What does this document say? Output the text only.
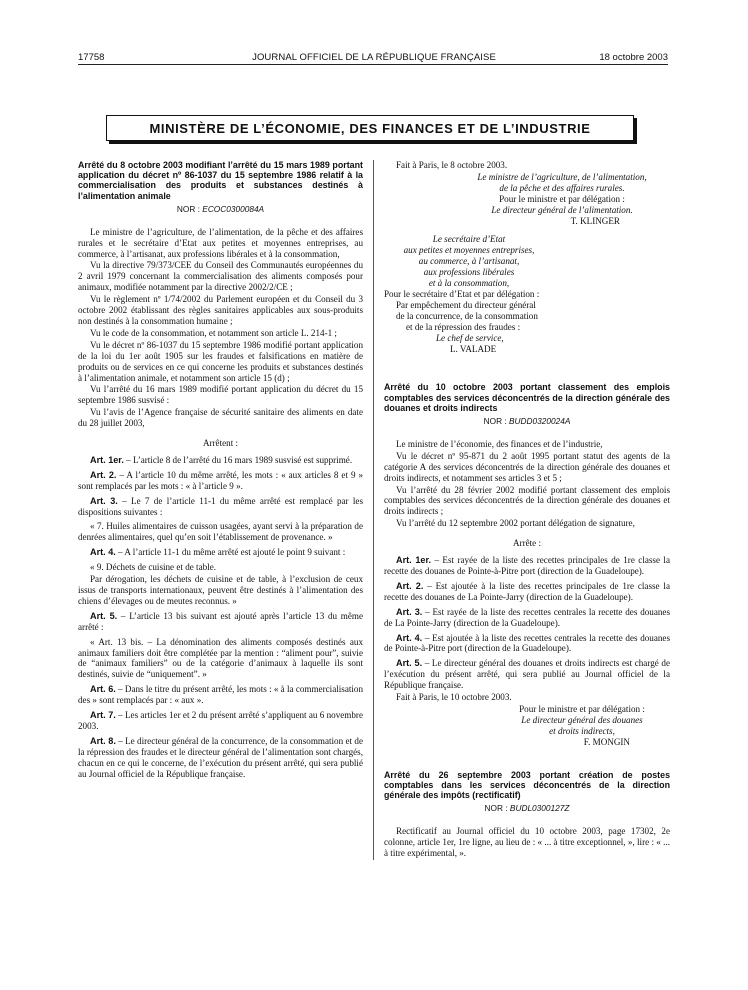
17758	JOURNAL OFFICIEL DE LA RÉPUBLIQUE FRANÇAISE	18 octobre 2003
MINISTÈRE DE L’ÉCONOMIE, DES FINANCES ET DE L’INDUSTRIE

Arrêté du 8 octobre 2003 modifiant l’arrêté du 15 mars 1989 portant application du décret nº 86-1037 du 15 septembre 1986 relatif à la commercialisation des produits et substances destinés à l’alimentation animale

NOR : ECOC0300084A

Le ministre de l’agriculture, de l’alimentation, de la pêche et des affaires rurales et le secrétaire d’Etat aux petites et moyennes entreprises, au commerce, à l’artisanat, aux professions libérales et à la consommation,

Vu la directive 79/373/CEE du Conseil des Communautés européennes du 2 avril 1979 concernant la commercialisation des aliments composés pour animaux, modifiée notamment par la directive 2002/2/CE ;

Vu le règlement nº 1/74/2002 du Parlement européen et du Conseil du 3 octobre 2002 établissant des règles sanitaires applicables aux sous-produits non destinés à la consommation humaine ;

Vu le code de la consommation, et notamment son article L. 214-1 ;

Vu le décret nº 86-1037 du 15 septembre 1986 modifié portant application de la loi du 1er août 1905 sur les fraudes et falsifications en matière de produits ou de services en ce qui concerne les produits et substances destinés à l’alimentation animale, et notamment son article 15 (d) ;

Vu l’arrêté du 16 mars 1989 modifié portant application du décret du 15 septembre 1986 susvisé :

Vu l’avis de l’Agence française de sécurité sanitaire des aliments en date du 28 juillet 2003,

Arrêtent :

Art. 1er. – L’article 8 de l’arrêté du 16 mars 1989 susvisé est supprimé.

Art. 2. – A l’article 10 du même arrêté, les mots : « aux articles 8 et 9 » sont remplacés par les mots : « à l’article 9 ».

Art. 3. – Le 7 de l’article 11-1 du même arrêté est remplacé par les dispositions suivantes :

« 7. Huiles alimentaires de cuisson usagées, ayant servi à la préparation de denrées alimentaires, quel qu’en soit l’établissement de provenance. »

Art. 4. – A l’article 11-1 du même arrêté est ajouté le point 9 suivant :

« 9. Déchets de cuisine et de table.

Par dérogation, les déchets de cuisine et de table, à l’exclusion de ceux issus de transports internationaux, peuvent être destinés à l’alimentation des chiens d’élevages ou de meutes reconnus. »

Art. 5. – L’article 13 bis suivant est ajouté après l’article 13 du même arrêté :

« Art. 13 bis. – La dénomination des aliments composés destinés aux animaux familiers doit être complétée par la mention : “aliment pour”, suivie de “animaux familiers” ou de la catégorie d’animaux à laquelle ils sont destinés, suivie de “uniquement”. »

Art. 6. – Dans le titre du présent arrêté, les mots : « à la commercialisation des » sont remplacés par : « aux ».

Art. 7. – Les articles 1er et 2 du présent arrêté s’appliquent au 6 novembre 2003.

Art. 8. – Le directeur général de la concurrence, de la consommation et de la répression des fraudes et le directeur général de l’alimentation sont chargés, chacun en ce qui le concerne, de l’exécution du présent arrêté, qui sera publié au Journal officiel de la République française.

Fait à Paris, le 8 octobre 2003.

Le ministre de l’agriculture, de l’alimentation,
de la pêche et des affaires rurales.
Pour le ministre et par délégation :
Le directeur général de l’alimentation.

T. KLINGER

Le secrétaire d’Etat
aux petites et moyennes entreprises,
au commerce, à l’artisanat,
aux professions libérales
et à la consommation,
Pour le secrétaire d’Etat et par délégation :
Par empêchement du directeur général
de la concurrence, de la consommation
et de la répression des fraudes :
Le chef de service,
L. VALADE

Arrêté du 10 octobre 2003 portant classement des emplois comptables des services déconcentrés de la direction générale des douanes et droits indirects

NOR : BUDD0320024A

Le ministre de l’économie, des finances et de l’industrie,

Vu le décret nº 95-871 du 2 août 1995 portant statut des agents de la catégorie A des services déconcentrés de la direction générale des douanes et droits indirects, et notamment ses articles 3 et 5 ;

Vu l’arrêté du 28 février 2002 modifié portant classement des emplois comptables des services déconcentrés de la direction générale des douanes et droits indirects ;

Vu l’arrêté du 12 septembre 2002 portant délégation de signature,

Arrête :

Art. 1er. – Est rayée de la liste des recettes principales de 1re classe la recette des douanes de Pointe-à-Pitre port (direction de la Guadeloupe).

Art. 2. – Est ajoutée à la liste des recettes principales de 1re classe la recette des douanes de La Pointe-Jarry (direction de la Guadeloupe).

Art. 3. – Est rayée de la liste des recettes centrales la recette des douanes de La Pointe-Jarry (direction de la Guadeloupe).

Art. 4. – Est ajoutée à la liste des recettes centrales la recette des douanes de Pointe-à-Pitre port (direction de la Guadeloupe).

Art. 5. – Le directeur général des douanes et droits indirects est chargé de l’exécution du présent arrêté, qui sera publié au Journal officiel de la République française.

Fait à Paris, le 10 octobre 2003.

Pour le ministre et par délégation :
Le directeur général des douanes
et droits indirects,

F. MONGIN

Arrêté du 26 septembre 2003 portant création de postes comptables dans les services déconcentrés de la direction générale des impôts (rectificatif)

NOR : BUDL0300127Z

Rectificatif au Journal officiel du 10 octobre 2003, page 17302, 2e colonne, article 1er, 1re ligne, au lieu de : « ... à titre exceptionnel, », lire : « ... à titre expérimental, ».
